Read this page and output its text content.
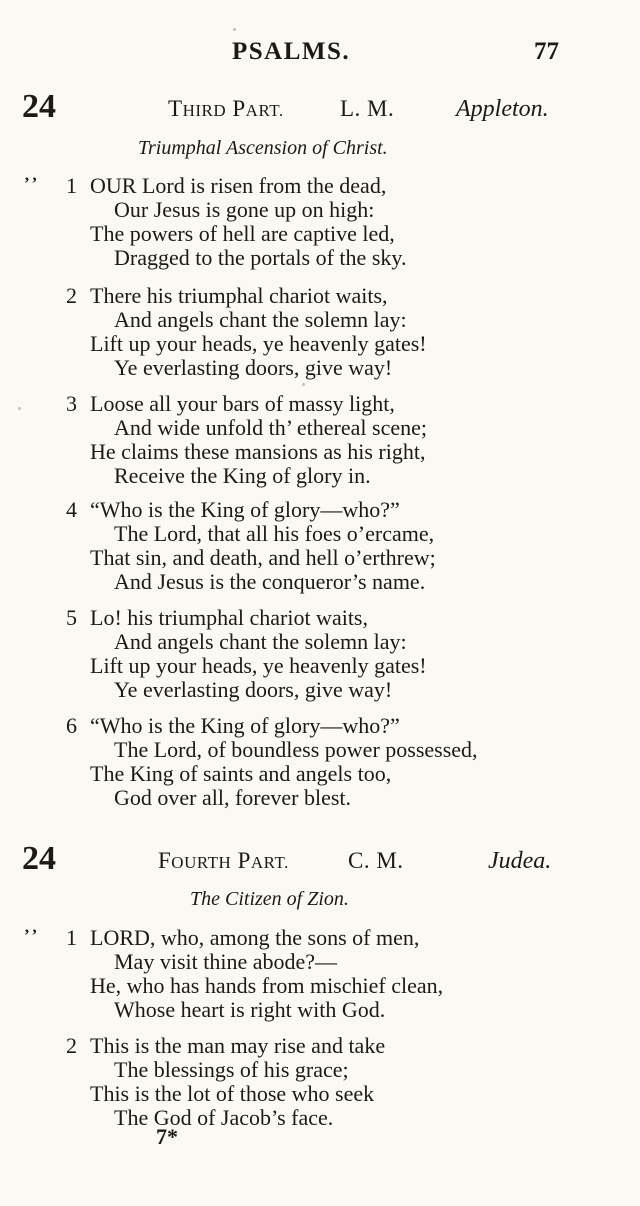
PSALMS.	77
24	THIRD PART. L. M.	Appleton.
Triumphal Ascension of Christ.
ʼʼ 1 OUR Lord is risen from the dead,
Our Jesus is gone up on high:
The powers of hell are captive led,
Dragged to the portals of the sky.
2 There his triumphal chariot waits,
And angels chant the solemn lay:
Lift up your heads, ye heavenly gates!
Ye everlasting doors, give way!
3 Loose all your bars of massy light,
And wide unfold th’ ethereal scene;
He claims these mansions as his right,
Receive the King of glory in.
4 “Who is the King of glory—who?”
The Lord, that all his foes o’ercame,
That sin, and death, and hell o’erthrew;
And Jesus is the conqueror’s name.
5 Lo! his triumphal chariot waits,
And angels chant the solemn lay:
Lift up your heads, ye heavenly gates!
Ye everlasting doors, give way!
6 “Who is the King of glory—who?”
The Lord, of boundless power possessed,
The King of saints and angels too,
God over all, forever blest.
24	FOURTH PART.	C. M.	Judea.
The Citizen of Zion.
ʼʼ 1 LORD, who, among the sons of men,
May visit thine abode?—
He, who has hands from mischief clean,
Whose heart is right with God.
2 This is the man may rise and take
The blessings of his grace;
This is the lot of those who seek
The God of Jacob’s face.
7*
